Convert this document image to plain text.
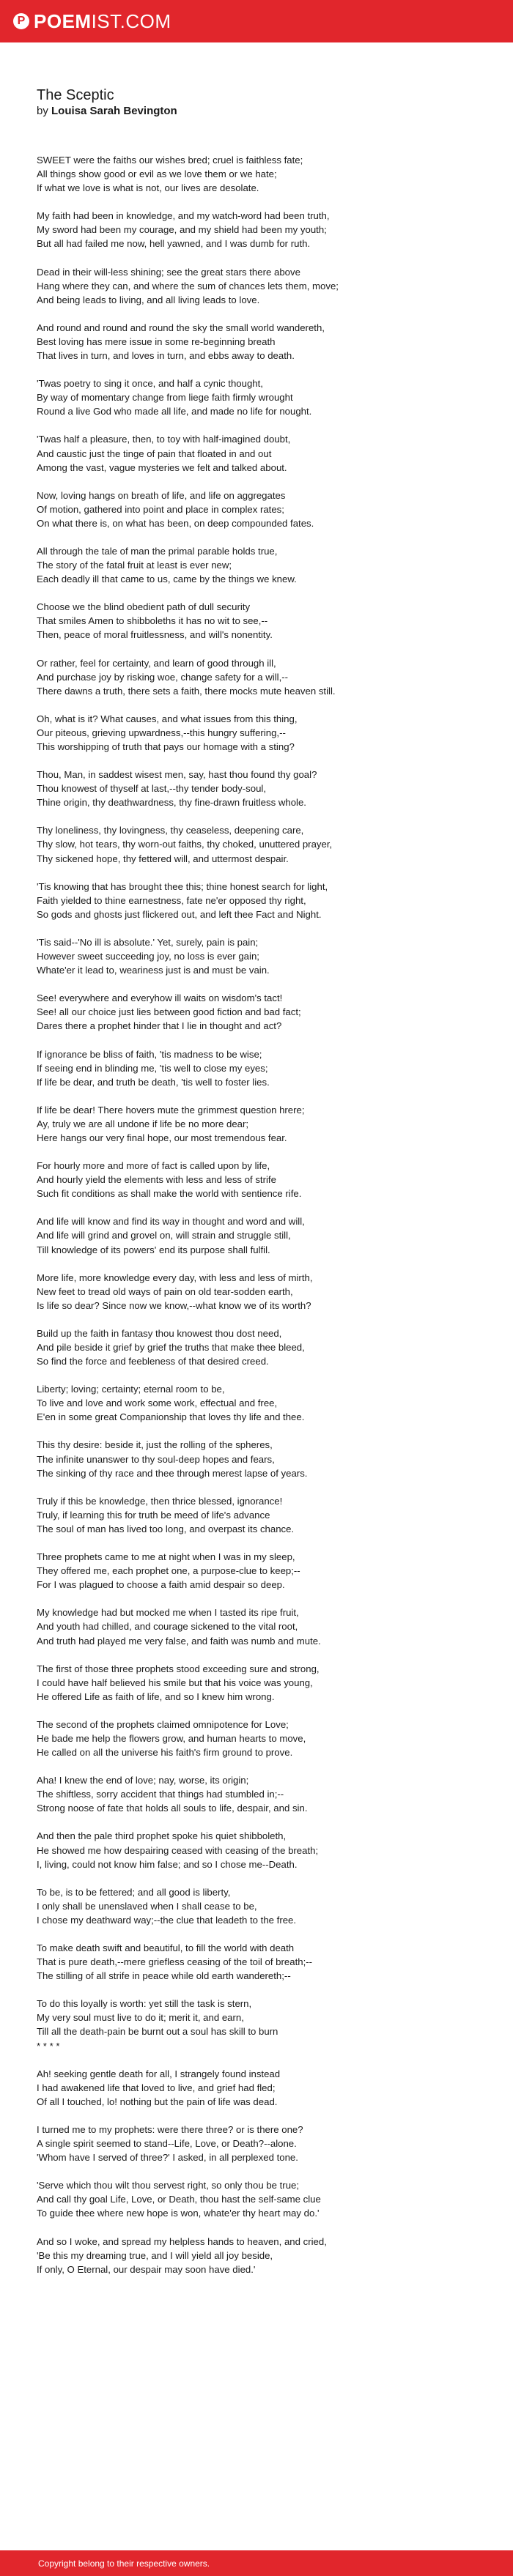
P POEMIST.COM
The Sceptic
by Louisa Sarah Bevington
SWEET were the faiths our wishes bred; cruel is faithless fate;
All things show good or evil as we love them or we hate;
If what we love is what is not, our lives are desolate.
My faith had been in knowledge, and my watch-word had been truth,
My sword had been my courage, and my shield had been my youth;
But all had failed me now, hell yawned, and I was dumb for ruth.
Dead in their will-less shining; see the great stars there above
Hang where they can, and where the sum of chances lets them, move;
And being leads to living, and all living leads to love.
And round and round and round the sky the small world wandereth,
Best loving has mere issue in some re-beginning breath
That lives in turn, and loves in turn, and ebbs away to death.
'Twas poetry to sing it once, and half a cynic thought,
By way of momentary change from liege faith firmly wrought
Round a live God who made all life, and made no life for nought.
'Twas half a pleasure, then, to toy with half-imagined doubt,
And caustic just the tinge of pain that floated in and out
Among the vast, vague mysteries we felt and talked about.
Now, loving hangs on breath of life, and life on aggregates
Of motion, gathered into point and place in complex rates;
On what there is, on what has been, on deep compounded fates.
All through the tale of man the primal parable holds true,
The story of the fatal fruit at least is ever new;
Each deadly ill that came to us, came by the things we knew.
Choose we the blind obedient path of dull security
That smiles Amen to shibboleths it has no wit to see,--
Then, peace of moral fruitlessness, and will's nonentity.
Or rather, feel for certainty, and learn of good through ill,
And purchase joy by risking woe, change safety for a will,--
There dawns a truth, there sets a faith, there mocks mute heaven still.
Oh, what is it? What causes, and what issues from this thing,
Our piteous, grieving upwardness,--this hungry suffering,--
This worshipping of truth that pays our homage with a sting?
Thou, Man, in saddest wisest men, say, hast thou found thy goal?
Thou knowest of thyself at last,--thy tender body-soul,
Thine origin, thy deathwardness, thy fine-drawn fruitless whole.
Thy loneliness, thy lovingness, thy ceaseless, deepening care,
Thy slow, hot tears, thy worn-out faiths, thy choked, unuttered prayer,
Thy sickened hope, thy fettered will, and uttermost despair.
'Tis knowing that has brought thee this; thine honest search for light,
Faith yielded to thine earnestness, fate ne'er opposed thy right,
So gods and ghosts just flickered out, and left thee Fact and Night.
'Tis said--'No ill is absolute.' Yet, surely, pain is pain;
However sweet succeeding joy, no loss is ever gain;
Whate'er it lead to, weariness just is and must be vain.
See! everywhere and everyhow ill waits on wisdom's tact!
See! all our choice just lies between good fiction and bad fact;
Dares there a prophet hinder that I lie in thought and act?
If ignorance be bliss of faith, 'tis madness to be wise;
If seeing end in blinding me, 'tis well to close my eyes;
If life be dear, and truth be death, 'tis well to foster lies.
If life be dear! There hovers mute the grimmest question hrere;
Ay, truly we are all undone if life be no more dear;
Here hangs our very final hope, our most tremendous fear.
For hourly more and more of fact is called upon by life,
And hourly yield the elements with less and less of strife
Such fit conditions as shall make the world with sentience rife.
And life will know and find its way in thought and word and will,
And life will grind and grovel on, will strain and struggle still,
Till knowledge of its powers' end its purpose shall fulfil.
More life, more knowledge every day, with less and less of mirth,
New feet to tread old ways of pain on old tear-sodden earth,
Is life so dear? Since now we know,--what know we of its worth?
Build up the faith in fantasy thou knowest thou dost need,
And pile beside it grief by grief the truths that make thee bleed,
So find the force and feebleness of that desired creed.
Liberty; loving; certainty; eternal room to be,
To live and love and work some work, effectual and free,
E'en in some great Companionship that loves thy life and thee.
This thy desire: beside it, just the rolling of the spheres,
The infinite unanswer to thy soul-deep hopes and fears,
The sinking of thy race and thee through merest lapse of years.
Truly if this be knowledge, then thrice blessed, ignorance!
Truly, if learning this for truth be meed of life's advance
The soul of man has lived too long, and overpast its chance.
Three prophets came to me at night when I was in my sleep,
They offered me, each prophet one, a purpose-clue to keep;--
For I was plagued to choose a faith amid despair so deep.
My knowledge had but mocked me when I tasted its ripe fruit,
And youth had chilled, and courage sickened to the vital root,
And truth had played me very false, and faith was numb and mute.
The first of those three prophets stood exceeding sure and strong,
I could have half believed his smile but that his voice was young,
He offered Life as faith of life, and so I knew him wrong.
The second of the prophets claimed omnipotence for Love;
He bade me help the flowers grow, and human hearts to move,
He called on all the universe his faith's firm ground to prove.
Aha! I knew the end of love; nay, worse, its origin;
The shiftless, sorry accident that things had stumbled in;--
Strong noose of fate that holds all souls to life, despair, and sin.
And then the pale third prophet spoke his quiet shibboleth,
He showed me how despairing ceased with ceasing of the breath;
I, living, could not know him false; and so I chose me--Death.
To be, is to be fettered; and all good is liberty,
I only shall be unenslaved when I shall cease to be,
I chose my deathward way;--the clue that leadeth to the free.
To make death swift and beautiful, to fill the world with death
That is pure death,--mere griefless ceasing of the toil of breath;--
The stilling of all strife in peace while old earth wandereth;--
To do this loyally is worth: yet still the task is stern,
My very soul must live to do it; merit it, and earn,
Till all the death-pain be burnt out a soul has skill to burn
* * * *
Ah! seeking gentle death for all, I strangely found instead
I had awakened life that loved to live, and grief had fled;
Of all I touched, lo! nothing but the pain of life was dead.
I turned me to my prophets: were there three? or is there one?
A single spirit seemed to stand--Life, Love, or Death?--alone.
'Whom have I served of three?' I asked, in all perplexed tone.
'Serve which thou wilt thou servest right, so only thou be true;
And call thy goal Life, Love, or Death, thou hast the self-same clue
To guide thee where new hope is won, whate'er thy heart may do.'
And so I woke, and spread my helpless hands to heaven, and cried,
'Be this my dreaming true, and I will yield all joy beside,
If only, O Eternal, our despair may soon have died.'
Copyright belong to their respective owners.
